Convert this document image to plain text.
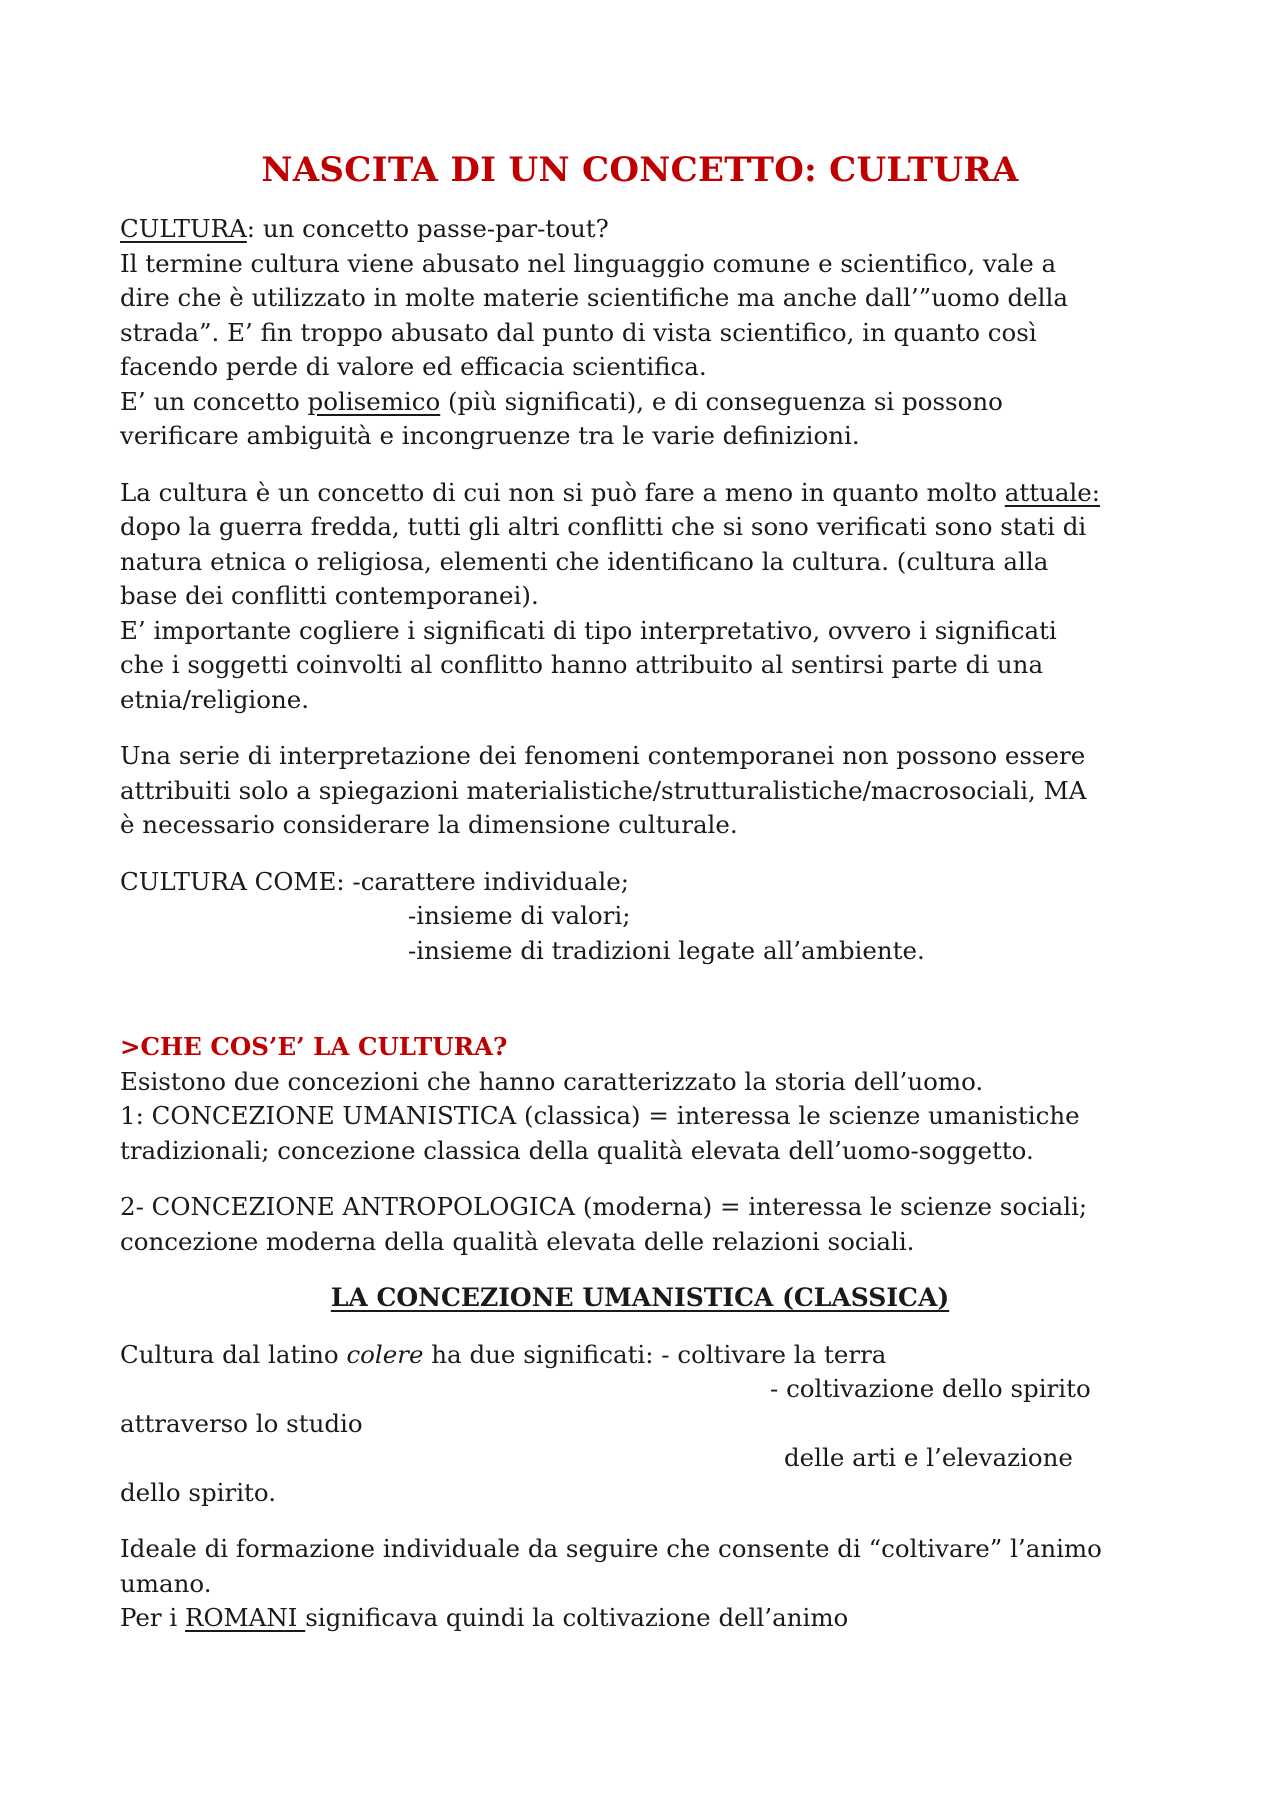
NASCITA DI UN CONCETTO: CULTURA

CULTURA: un concetto passe-par-tout?

Il termine cultura viene abusato nel linguaggio comune e scientifico, vale a

dire che è utilizzato in molte materie scientifiche ma anche dall’”uomo della

strada”. E’ fin troppo abusato dal punto di vista scientifico, in quanto così

facendo perde di valore ed efficacia scientifica.

E’ un concetto polisemico (più significati), e di conseguenza si possono

verificare ambiguità e incongruenze tra le varie definizioni.

La cultura è un concetto di cui non si può fare a meno in quanto molto attuale:

dopo la guerra fredda, tutti gli altri conflitti che si sono verificati sono stati di

natura etnica o religiosa, elementi che identificano la cultura. (cultura alla

base dei conflitti contemporanei).

E’ importante cogliere i significati di tipo interpretativo, ovvero i significati

che i soggetti coinvolti al conflitto hanno attribuito al sentirsi parte di una

etnia/religione.

Una serie di interpretazione dei fenomeni contemporanei non possono essere

attribuiti solo a spiegazioni materialistiche/strutturalistiche/macrosociali, MA

è necessario considerare la dimensione culturale.

CULTURA COME: -carattere individuale;

-insieme di valori;

-insieme di tradizioni legate all’ambiente.

>CHE COS’E’ LA CULTURA?

Esistono due concezioni che hanno caratterizzato la storia dell’uomo.

1: CONCEZIONE UMANISTICA (classica) = interessa le scienze umanistiche

tradizionali; concezione classica della qualità elevata dell’uomo-soggetto.

2- CONCEZIONE ANTROPOLOGICA (moderna) = interessa le scienze sociali;

concezione moderna della qualità elevata delle relazioni sociali.

LA CONCEZIONE UMANISTICA (CLASSICA)

Cultura dal latino colere ha due significati: - coltivare la terra

- coltivazione dello spirito

attraverso lo studio

delle arti e l’elevazione

dello spirito.

Ideale di formazione individuale da seguire che consente di “coltivare” l’animo

umano.

Per i ROMANI significava quindi la coltivazione dell’animo
